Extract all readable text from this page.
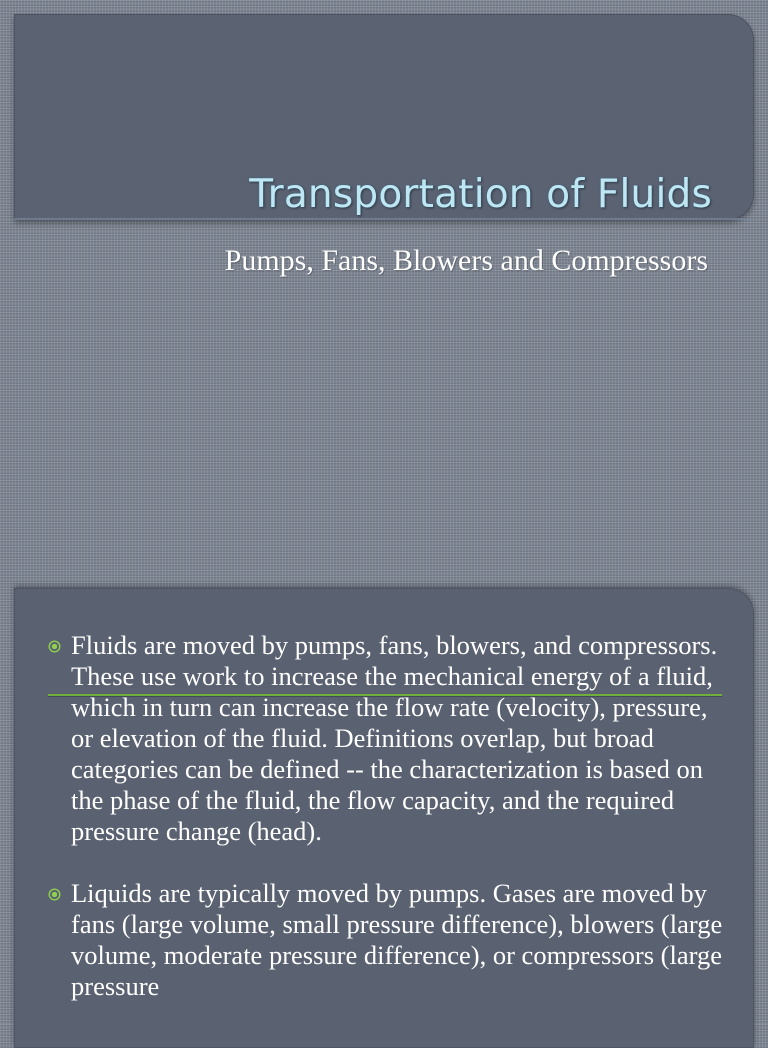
Transportation of Fluids

Pumps, Fans, Blowers and Compressors

Fluids are moved by pumps, fans, blowers, and compressors. These use work to increase the mechanical energy of a fluid, which in turn can increase the flow rate (velocity), pressure, or elevation of the fluid. Definitions overlap, but broad categories can be defined -- the characterization is based on the phase of the fluid, the flow capacity, and the required pressure change (head).
Liquids are typically moved by pumps. Gases are moved by fans (large volume, small pressure difference), blowers (large volume, moderate pressure difference), or compressors (large pressure
